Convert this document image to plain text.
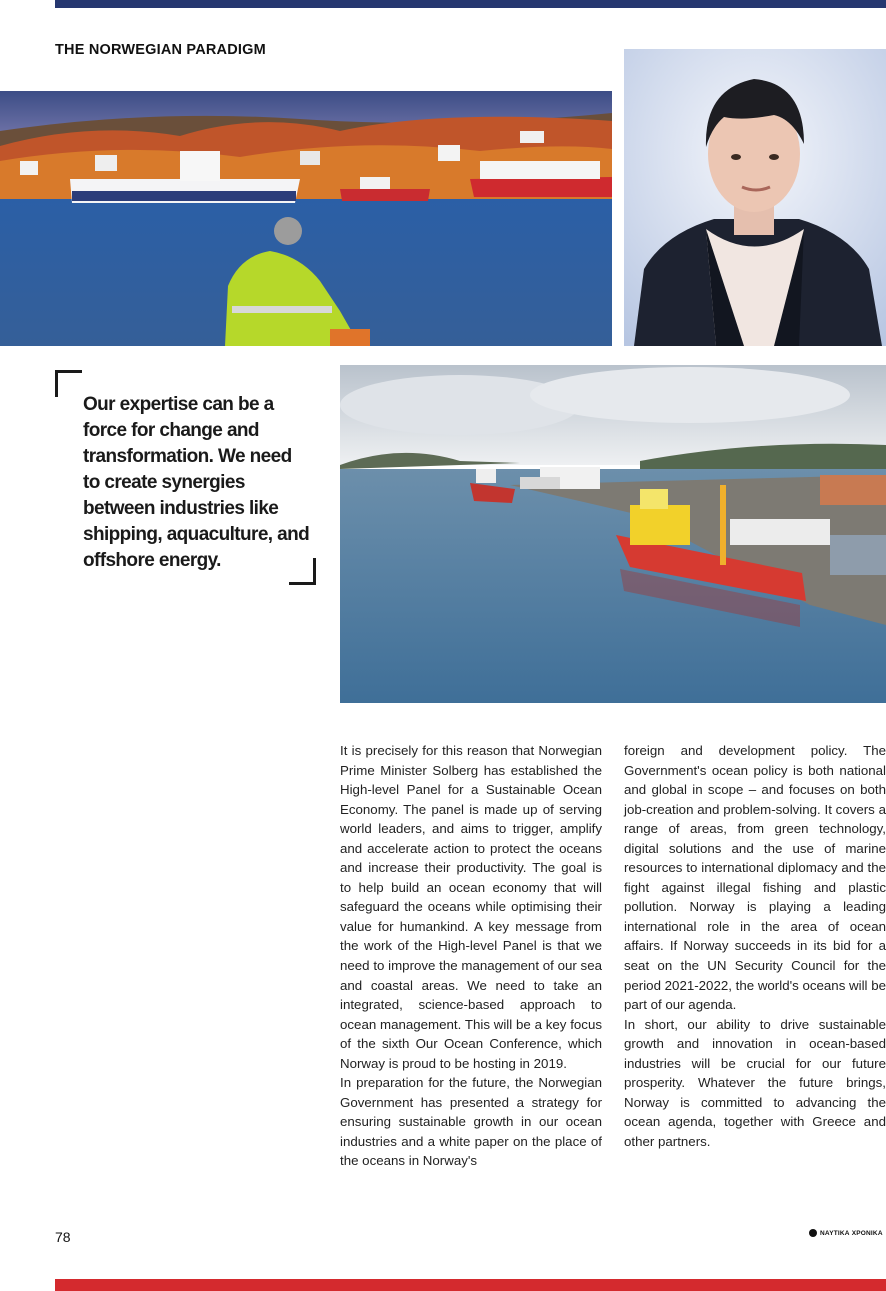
THE NORWEGIAN PARADIGM

Our expertise can be a force for change and transformation. We need to create synergies between industries like shipping, aquaculture, and offshore energy.

It is precisely for this reason that Norwegian Prime Minister Solberg has established the High-level Panel for a Sustainable Ocean Economy. The panel is made up of serving world leaders, and aims to trigger, amplify and accelerate action to protect the oceans and increase their productivity. The goal is to help build an ocean economy that will safeguard the oceans while optimising their value for humankind. A key message from the work of the High-level Panel is that we need to improve the management of our sea and coastal areas. We need to take an integrated, science-based approach to ocean management. This will be a key focus of the sixth Our Ocean Conference, which Norway is proud to be hosting in 2019.

In preparation for the future, the Norwegian Government has presented a strategy for ensuring sustainable growth in our ocean industries and a white paper on the place of the oceans in Norway's

foreign and development policy. The Government's ocean policy is both national and global in scope – and focuses on both job-creation and problem-solving. It covers a range of areas, from green technology, digital solutions and the use of marine resources to international diplomacy and the fight against illegal fishing and plastic pollution. Norway is playing a leading international role in the area of ocean affairs. If Norway succeeds in its bid for a seat on the UN Security Council for the period 2021-2022, the world's oceans will be part of our agenda.

In short, our ability to drive sustainable growth and innovation in ocean-based industries will be crucial for our future prosperity. Whatever the future brings, Norway is committed to advancing the ocean agenda, together with Greece and other partners.

78	ΝΑΥΤΙΚΑ ΧΡΟΝΙΚΑ
